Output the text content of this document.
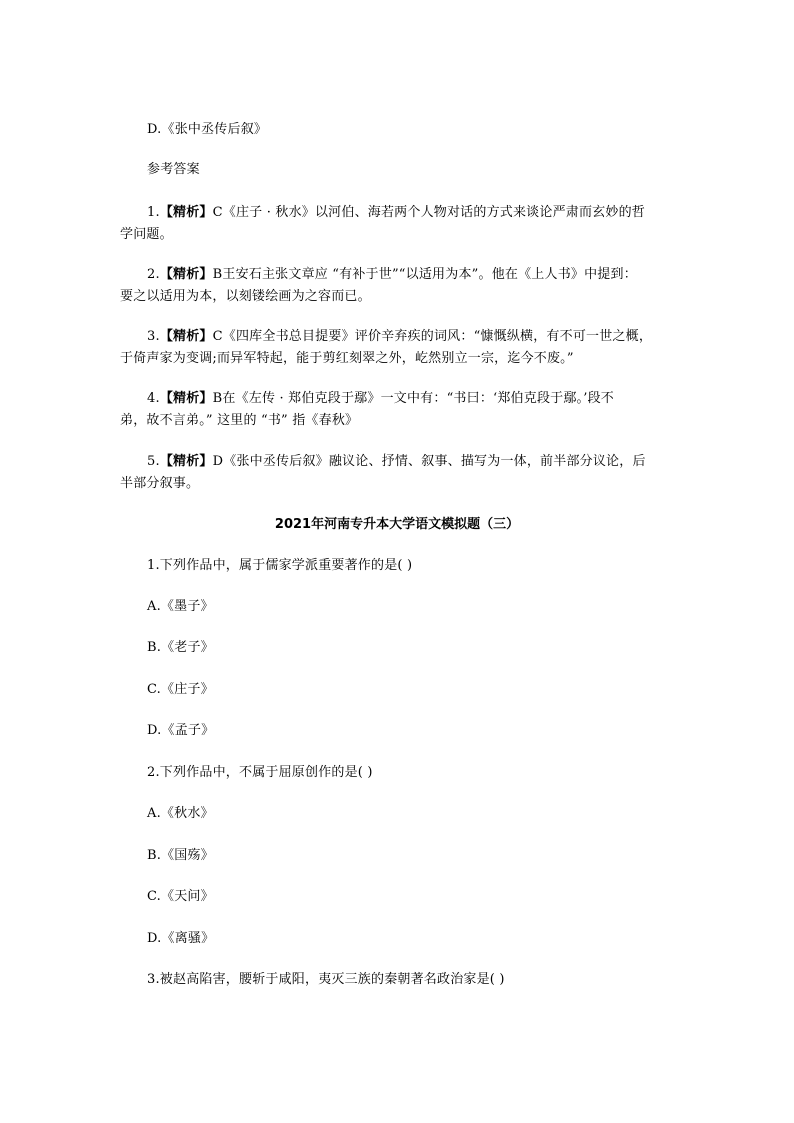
D.《张中丞传后叙》
参考答案
1.【精析】C《庄子 · 秋水》以河伯、海若两个人物对话的方式来谈论严肃而玄妙的哲
学问题。
2.【精析】B王安石主张文章应 “有补于世”“以适用为本”。他在《上人书》中提到：
要之以适用为本，以刻镂绘画为之容而已。
3.【精析】C《四库全书总目提要》评价辛弃疾的词风：“慷慨纵横，有不可一世之概，
于倚声家为变调;而异军特起，能于剪红刻翠之外，屹然别立一宗，迄今不废。”
4.【精析】B在《左传 · 郑伯克段于鄢》一文中有：“书曰：‘郑伯克段于鄢。’段不
弟，故不言弟。” 这里的 “书” 指《春秋》
5.【精析】D《张中丞传后叙》融议论、抒情、叙事、描写为一体，前半部分议论，后
半部分叙事。
2021年河南专升本大学语文模拟题（三）
1.下列作品中，属于儒家学派重要著作的是( )
A.《墨子》
B.《老子》
C.《庄子》
D.《孟子》
2.下列作品中，不属于屈原创作的是( )
A.《秋水》
B.《国殇》
C.《天问》
D.《离骚》
3.被赵高陷害，腰斩于咸阳，夷灭三族的秦朝著名政治家是( )
